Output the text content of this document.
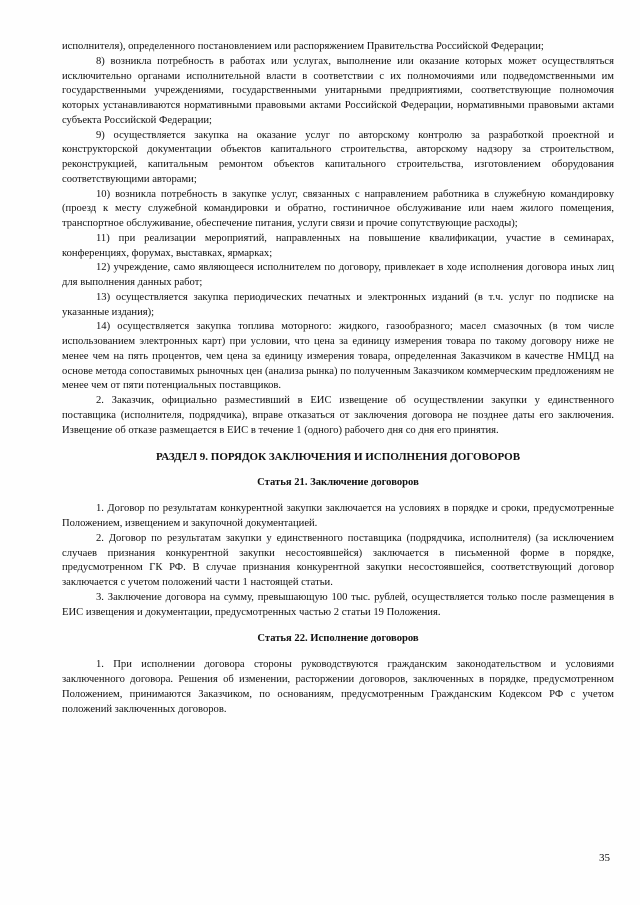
исполнителя), определенного постановлением или распоряжением Правительства Российской Федерации;

8) возникла потребность в работах или услугах, выполнение или оказание которых может осуществляться исключительно органами исполнительной власти в соответствии с их полномочиями или подведомственными им государственными учреждениями, государственными унитарными предприятиями, соответствующие полномочия которых устанавливаются нормативными правовыми актами Российской Федерации, нормативными правовыми актами субъекта Российской Федерации;

9) осуществляется закупка на оказание услуг по авторскому контролю за разработкой проектной и конструкторской документации объектов капитального строительства, авторскому надзору за строительством, реконструкцией, капитальным ремонтом объектов капитального строительства, изготовлением оборудования соответствующими авторами;

10) возникла потребность в закупке услуг, связанных с направлением работника в служебную командировку (проезд к месту служебной командировки и обратно, гостиничное обслуживание или наем жилого помещения, транспортное обслуживание, обеспечение питания, услуги связи и прочие сопутствующие расходы);

11) при реализации мероприятий, направленных на повышение квалификации, участие в семинарах, конференциях, форумах, выставках, ярмарках;

12) учреждение, само являющееся исполнителем по договору, привлекает в ходе исполнения договора иных лиц для выполнения данных работ;

13) осуществляется закупка периодических печатных и электронных изданий (в т.ч. услуг по подписке на указанные издания);

14) осуществляется закупка топлива моторного: жидкого, газообразного; масел смазочных (в том числе использованием электронных карт) при условии, что цена за единицу измерения товара по такому договору ниже не менее чем на пять процентов, чем цена за единицу измерения товара, определенная Заказчиком в качестве НМЦД на основе метода сопоставимых рыночных цен (анализа рынка) по полученным Заказчиком коммерческим предложениям не менее чем от пяти потенциальных поставщиков.

2. Заказчик, официально разместивший в ЕИС извещение об осуществлении закупки у единственного поставщика (исполнителя, подрядчика), вправе отказаться от заключения договора не позднее даты его заключения. Извещение об отказе размещается в ЕИС в течение 1 (одного) рабочего дня со дня его принятия.

РАЗДЕЛ 9. ПОРЯДОК ЗАКЛЮЧЕНИЯ И ИСПОЛНЕНИЯ ДОГОВОРОВ

Статья 21. Заключение договоров

1. Договор по результатам конкурентной закупки заключается на условиях в порядке и сроки, предусмотренные Положением, извещением и закупочной документацией.

2. Договор по результатам закупки у единственного поставщика (подрядчика, исполнителя) (за исключением случаев признания конкурентной закупки несостоявшейся) заключается в письменной форме в порядке, предусмотренном ГК РФ. В случае признания конкурентной закупки несостоявшейся, соответствующий договор заключается с учетом положений части 1 настоящей статьи.

3. Заключение договора на сумму, превышающую 100 тыс. рублей, осуществляется только после размещения в ЕИС извещения и документации, предусмотренных частью 2 статьи 19 Положения.

Статья 22. Исполнение договоров

1. При исполнении договора стороны руководствуются гражданским законодательством и условиями заключенного договора. Решения об изменении, расторжении договоров, заключенных в порядке, предусмотренном Положением, принимаются Заказчиком, по основаниям, предусмотренным Гражданским Кодексом РФ с учетом положений заключенных договоров.

35
